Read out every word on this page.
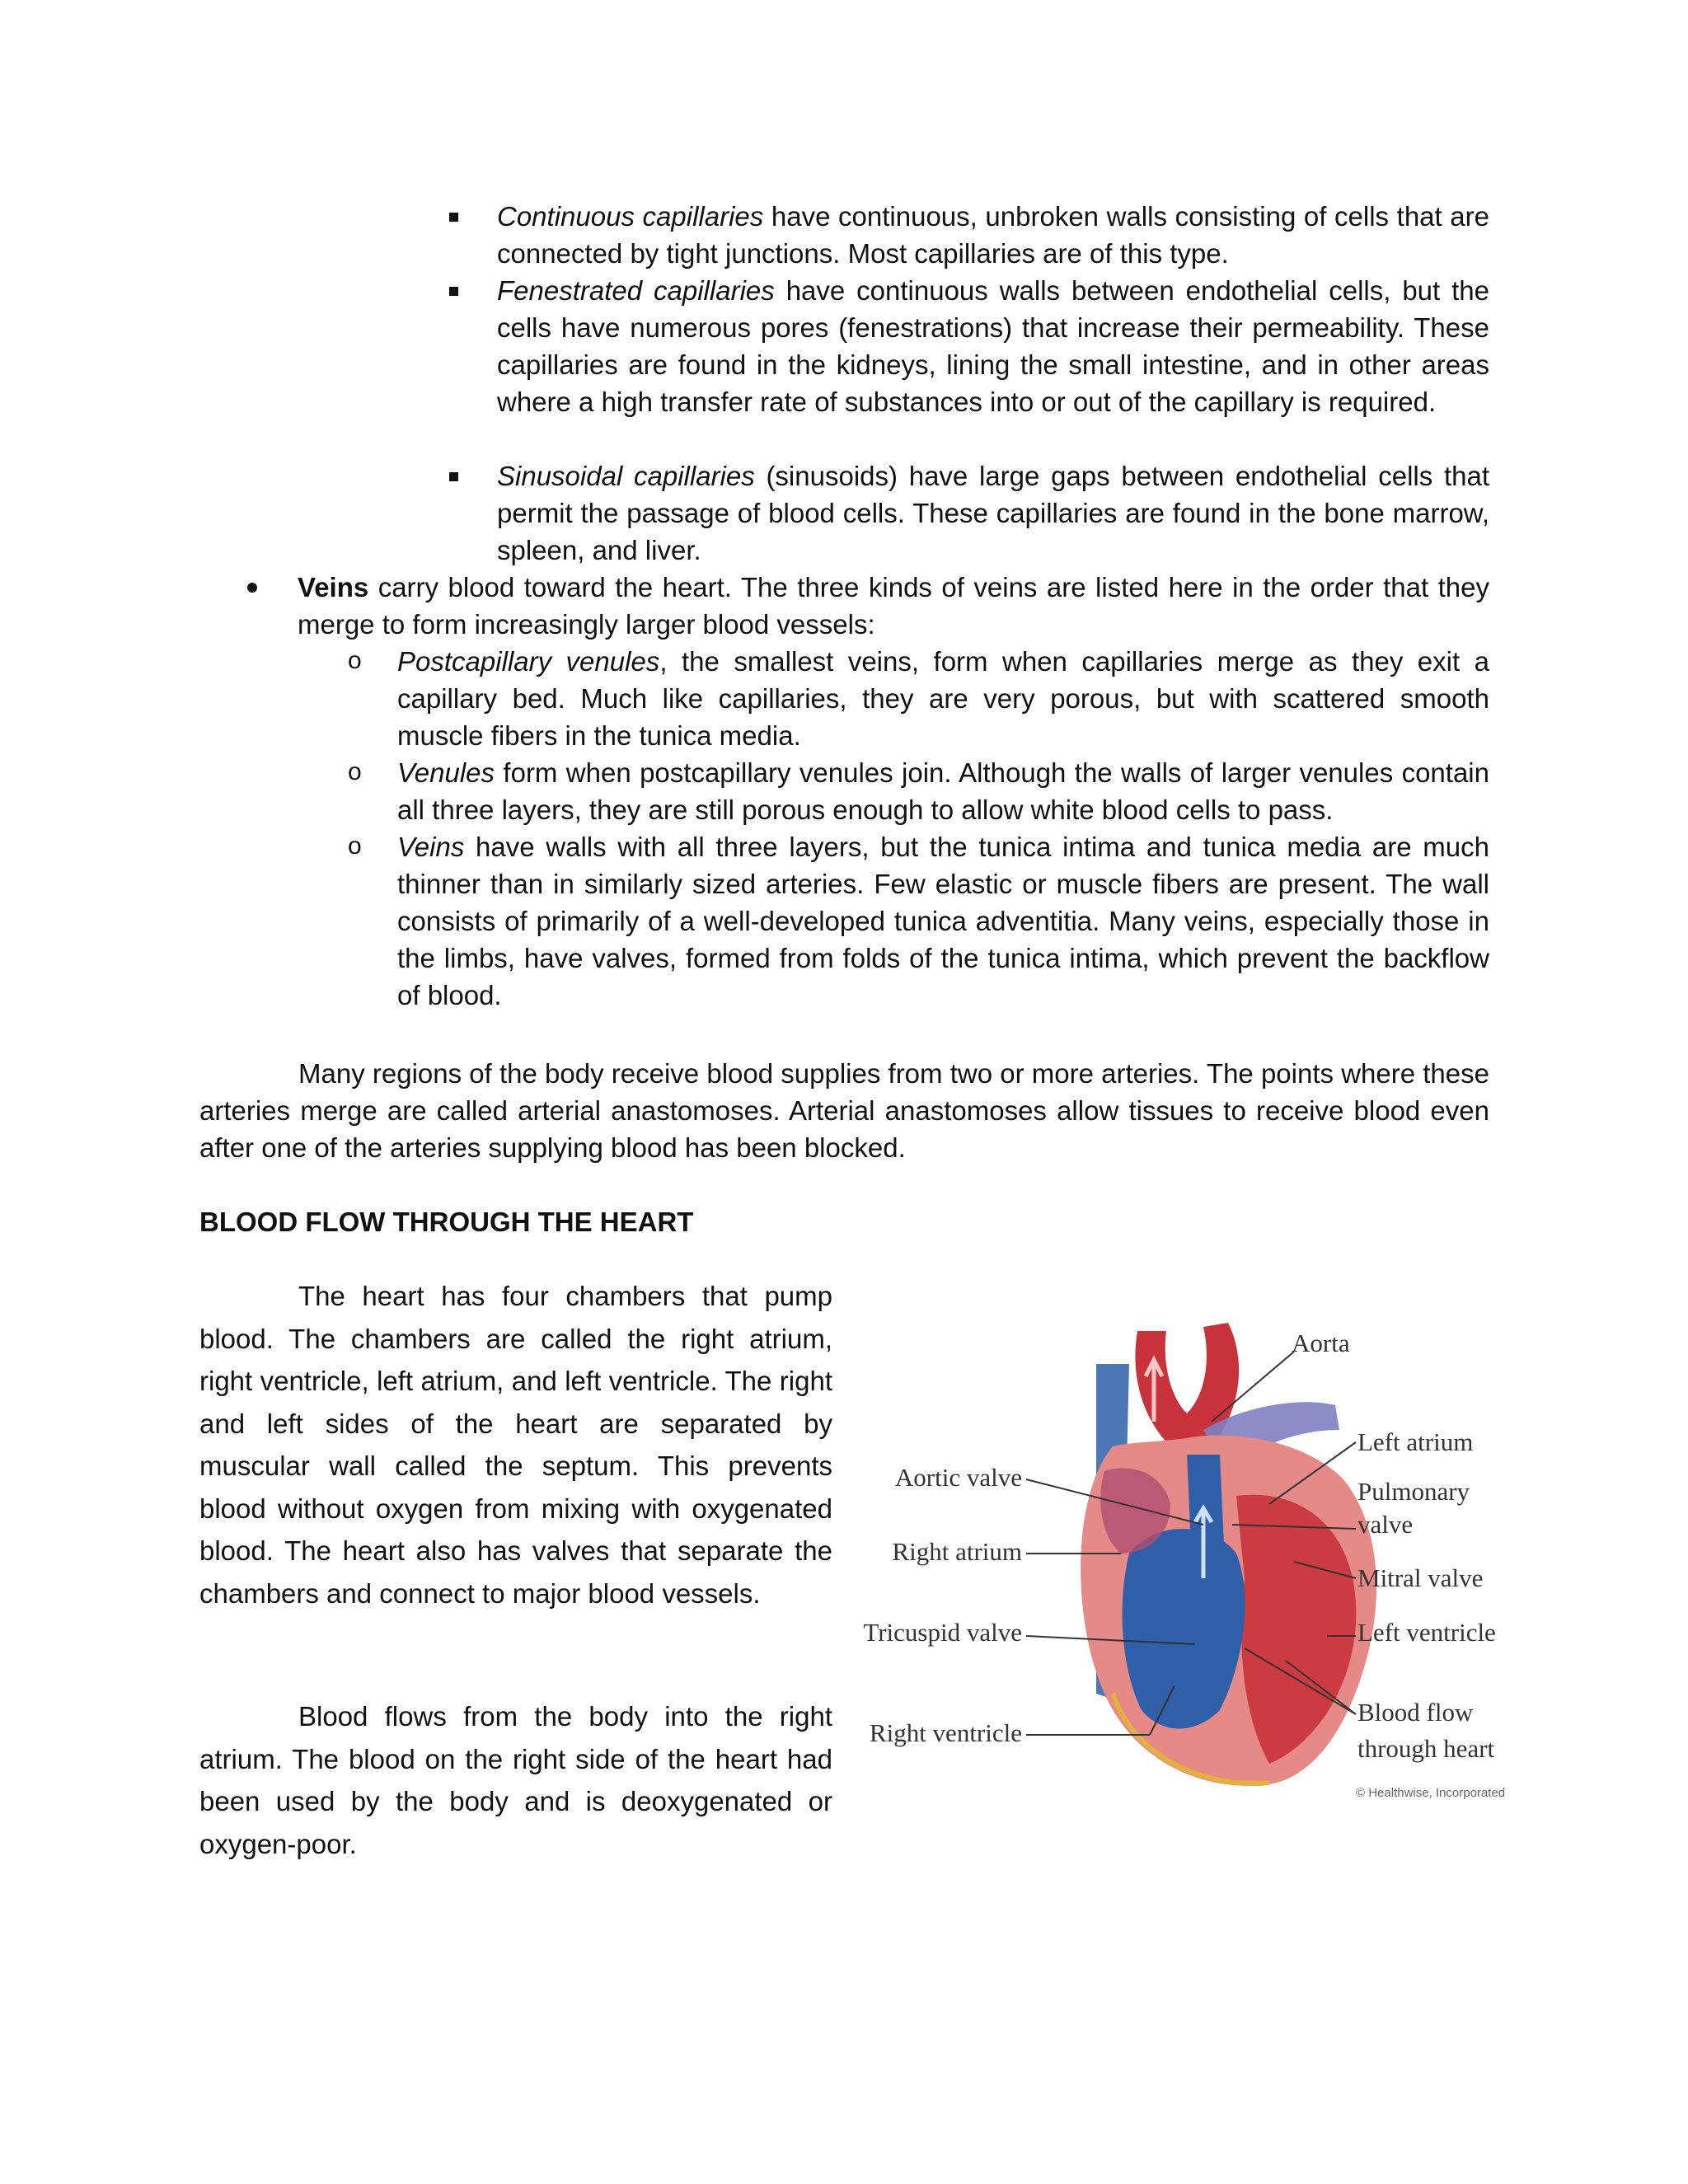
Continuous capillaries have continuous, unbroken walls consisting of cells that are connected by tight junctions. Most capillaries are of this type.

Fenestrated capillaries have continuous walls between endothelial cells, but the cells have numerous pores (fenestrations) that increase their permeability. These capillaries are found in the kidneys, lining the small intestine, and in other areas where a high transfer rate of substances into or out of the capillary is required.

Sinusoidal capillaries (sinusoids) have large gaps between endothelial cells that permit the passage of blood cells. These capillaries are found in the bone marrow, spleen, and liver.

Veins carry blood toward the heart. The three kinds of veins are listed here in the order that they merge to form increasingly larger blood vessels:

o Postcapillary venules, the smallest veins, form when capillaries merge as they exit a capillary bed. Much like capillaries, they are very porous, but with scattered smooth muscle fibers in the tunica media.

o Venules form when postcapillary venules join. Although the walls of larger venules contain all three layers, they are still porous enough to allow white blood cells to pass.

o Veins have walls with all three layers, but the tunica intima and tunica media are much thinner than in similarly sized arteries. Few elastic or muscle fibers are present. The wall consists of primarily of a well-developed tunica adventitia. Many veins, especially those in the limbs, have valves, formed from folds of the tunica intima, which prevent the backflow of blood.

Many regions of the body receive blood supplies from two or more arteries. The points where these arteries merge are called arterial anastomoses. Arterial anastomoses allow tissues to receive blood even after one of the arteries supplying blood has been blocked.

BLOOD FLOW THROUGH THE HEART

The heart has four chambers that pump blood. The chambers are called the right atrium, right ventricle, left atrium, and left ventricle. The right and left sides of the heart are separated by muscular wall called the septum. This prevents blood without oxygen from mixing with oxygenated blood. The heart also has valves that separate the chambers and connect to major blood vessels.

Blood flows from the body into the right atrium. The blood on the right side of the heart had been used by the body and is deoxygenated or oxygen-poor.

Aorta
Left atrium
Pulmonary
valve
Mitral valve
Left ventricle
Blood flow
through heart
Aortic valve
Right atrium
Tricuspid valve
Right ventricle
© Healthwise, Incorporated
